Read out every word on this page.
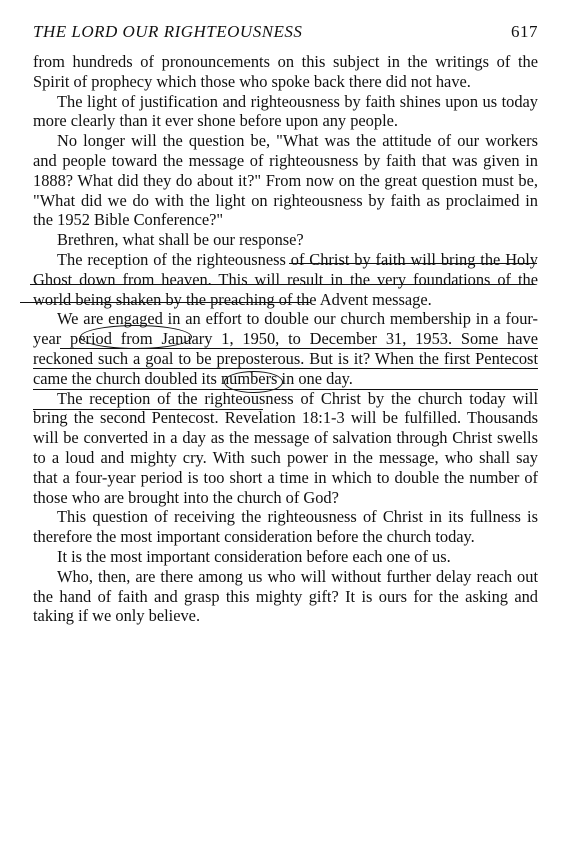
THE LORD OUR RIGHTEOUSNESS	617

from hundreds of pronouncements on this subject in the writings of the Spirit of prophecy which those who spoke back there did not have.

The light of justification and righteousness by faith shines upon us today more clearly than it ever shone before upon any people.

No longer will the question be, "What was the attitude of our workers and people toward the message of righteousness by faith that was given in 1888? What did they do about it?" From now on the great question must be, "What did we do with the light on righteousness by faith as proclaimed in the 1952 Bible Conference?"

Brethren, what shall be our response?

The reception of the righteousness of Christ by faith will bring the Holy Ghost down from heaven. This will result in the very foundations of the world being shaken by the preaching of the Advent message.

We are engaged in an effort to double our church membership in a four-year period from January 1, 1950, to December 31, 1953. Some have reckoned such a goal to be preposterous. But is it? When the first Pentecost came the church doubled its numbers in one day.

The reception of the righteousness of Christ by the church today will bring the second Pentecost. Revelation 18:1-3 will be fulfilled. Thousands will be converted in a day as the message of salvation through Christ swells to a loud and mighty cry. With such power in the message, who shall say that a four-year period is too short a time in which to double the number of those who are brought into the church of God?

This question of receiving the righteousness of Christ in its fullness is therefore the most important consideration before the church today.

It is the most important consideration before each one of us.

Who, then, are there among us who will without further delay reach out the hand of faith and grasp this mighty gift? It is ours for the asking and taking if we only believe.
